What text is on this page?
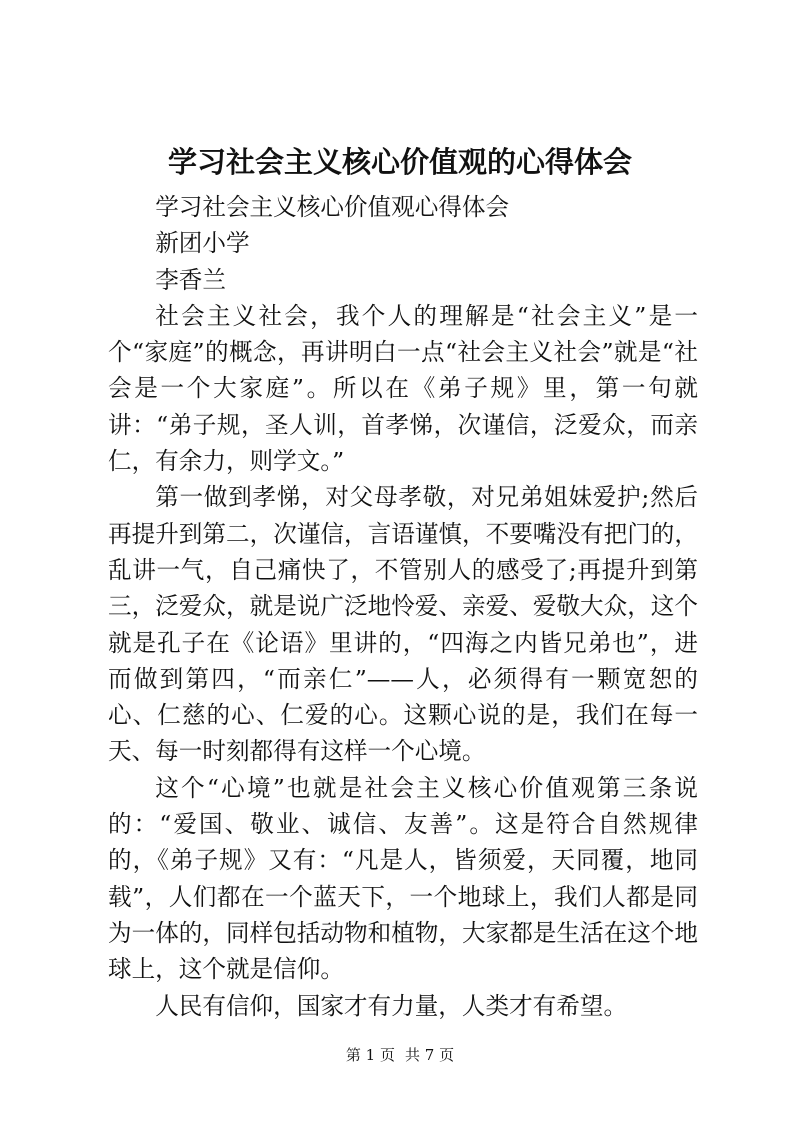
学习社会主义核心价值观的心得体会

学习社会主义核心价值观心得体会

新团小学

李香兰

社会主义社会，我个人的理解是“社会主义”是一个“家庭”的概念，再讲明白一点“社会主义社会”就是“社会是一个大家庭”。所以在《弟子规》里，第一句就讲：“弟子规，圣人训，首孝悌，次谨信，泛爱众，而亲仁，有余力，则学文。”

第一做到孝悌，对父母孝敬，对兄弟姐妹爱护;然后再提升到第二，次谨信，言语谨慎，不要嘴没有把门的，乱讲一气，自己痛快了，不管别人的感受了;再提升到第三，泛爱众，就是说广泛地怜爱、亲爱、爱敬大众，这个就是孔子在《论语》里讲的，“四海之内皆兄弟也”，进而做到第四，“而亲仁”——人，必须得有一颗宽恕的心、仁慈的心、仁爱的心。这颗心说的是，我们在每一天、每一时刻都得有这样一个心境。

这个“心境”也就是社会主义核心价值观第三条说的：“爱国、敬业、诚信、友善”。这是符合自然规律的，《弟子规》又有：“凡是人，皆须爱，天同覆，地同载”，人们都在一个蓝天下，一个地球上，我们人都是同为一体的，同样包括动物和植物，大家都是生活在这个地球上，这个就是信仰。

人民有信仰，国家才有力量，人类才有希望。

第 1 页 共 7 页
